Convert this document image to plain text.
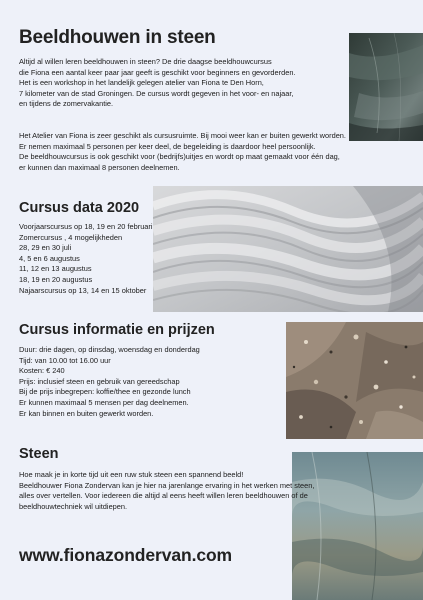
Beeldhouwen in steen
Altijd al willen leren beeldhouwen in steen? De drie daagse beeldhouwcursus
die Fiona een aantal keer paar jaar geeft is geschikt voor beginners en gevorderden.
Het is een workshop in het landelijk gelegen atelier van Fiona te Den Horn,
7 kilometer van de stad Groningen. De cursus wordt gegeven in het voor- en najaar,
en tijdens de zomervakantie.
Het Atelier van Fiona is zeer geschikt als cursusruimte. Bij mooi weer kan er buiten gewerkt worden.
Er nemen maximaal 5 personen per keer deel, de begeleiding is daardoor heel persoonlijk.
De beeldhouwcursus is ook geschikt voor (bedrijfs)uitjes en wordt op maat gemaakt voor één dag,
er kunnen dan maximaal 8 personen deelnemen.
Cursus data 2020
Voorjaarscursus op 18, 19 en 20 februari
Zomercursus , 4 mogelijkheden
28, 29 en 30 juli
4, 5 en 6 augustus
11, 12 en 13 augustus
18, 19 en 20 augustus
Najaarscursus op 13, 14 en 15 oktober
Cursus informatie en prijzen
Duur: drie dagen, op dinsdag, woensdag en donderdag
Tijd: van 10.00 tot 16.00 uur
Kosten: € 240
Prijs: inclusief steen en gebruik van gereedschap
Bij de prijs inbegrepen: koffie/thee en gezonde lunch
Er kunnen maximaal 5 mensen per dag deelnemen.
Er kan binnen en buiten gewerkt worden.
Steen
Hoe maak je in korte tijd uit een ruw stuk steen een spannend beeld!
Beeldhouwer Fiona Zondervan kan je hier na jarenlange ervaring in het werken met steen,
alles over vertellen. Voor iedereen die altijd al eens heeft willen leren beeldhouwen of de
beeldhouwtechniek wil uitdiepen.
www.fionazondervan.com
